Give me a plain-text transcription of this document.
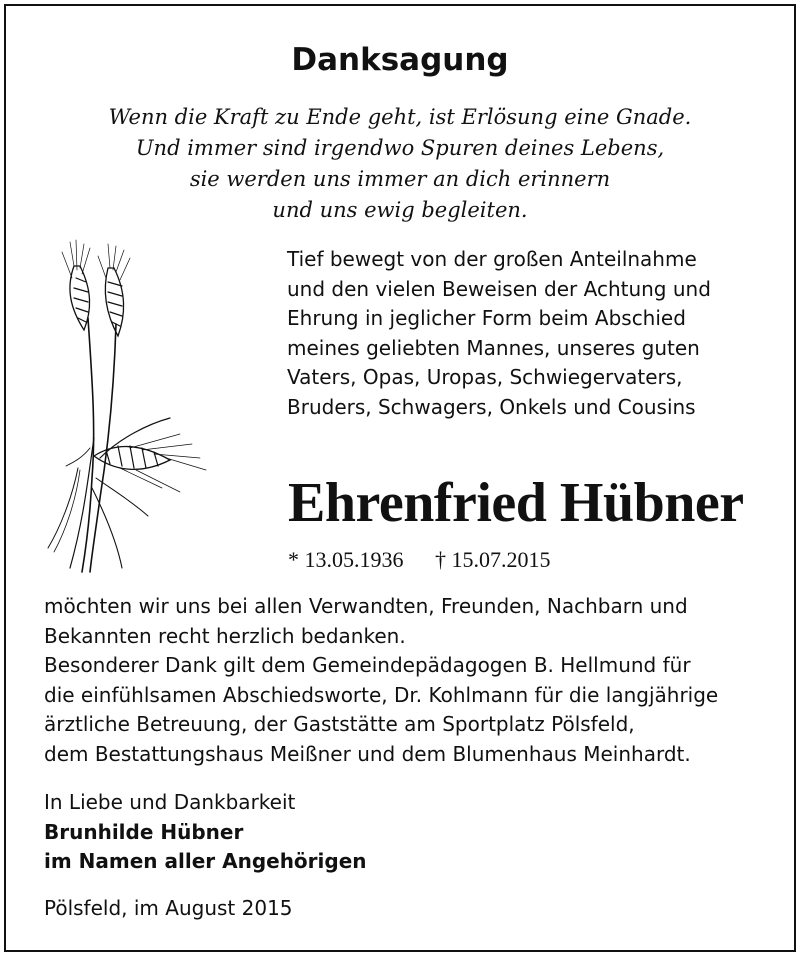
Danksagung
Wenn die Kraft zu Ende geht, ist Erlösung eine Gnade.
Und immer sind irgendwo Spuren deines Lebens,
sie werden uns immer an dich erinnern
und uns ewig begleiten.
Tief bewegt von der großen Anteilnahme
und den vielen Beweisen der Achtung und
Ehrung in jeglicher Form beim Abschied
meines geliebten Mannes, unseres guten
Vaters, Opas, Uropas, Schwiegervaters,
Bruders, Schwagers, Onkels und Cousins
Ehrenfried Hübner
* 13.05.1936 † 15.07.2015
möchten wir uns bei allen Verwandten, Freunden, Nachbarn und
Bekannten recht herzlich bedanken.
Besonderer Dank gilt dem Gemeindepädagogen B. Hellmund für
die einfühlsamen Abschiedsworte, Dr. Kohlmann für die langjährige
ärztliche Betreuung, der Gaststätte am Sportplatz Pölsfeld,
dem Bestattungshaus Meißner und dem Blumenhaus Meinhardt.
In Liebe und Dankbarkeit
Brunhilde Hübner
im Namen aller Angehörigen
Pölsfeld, im August 2015
